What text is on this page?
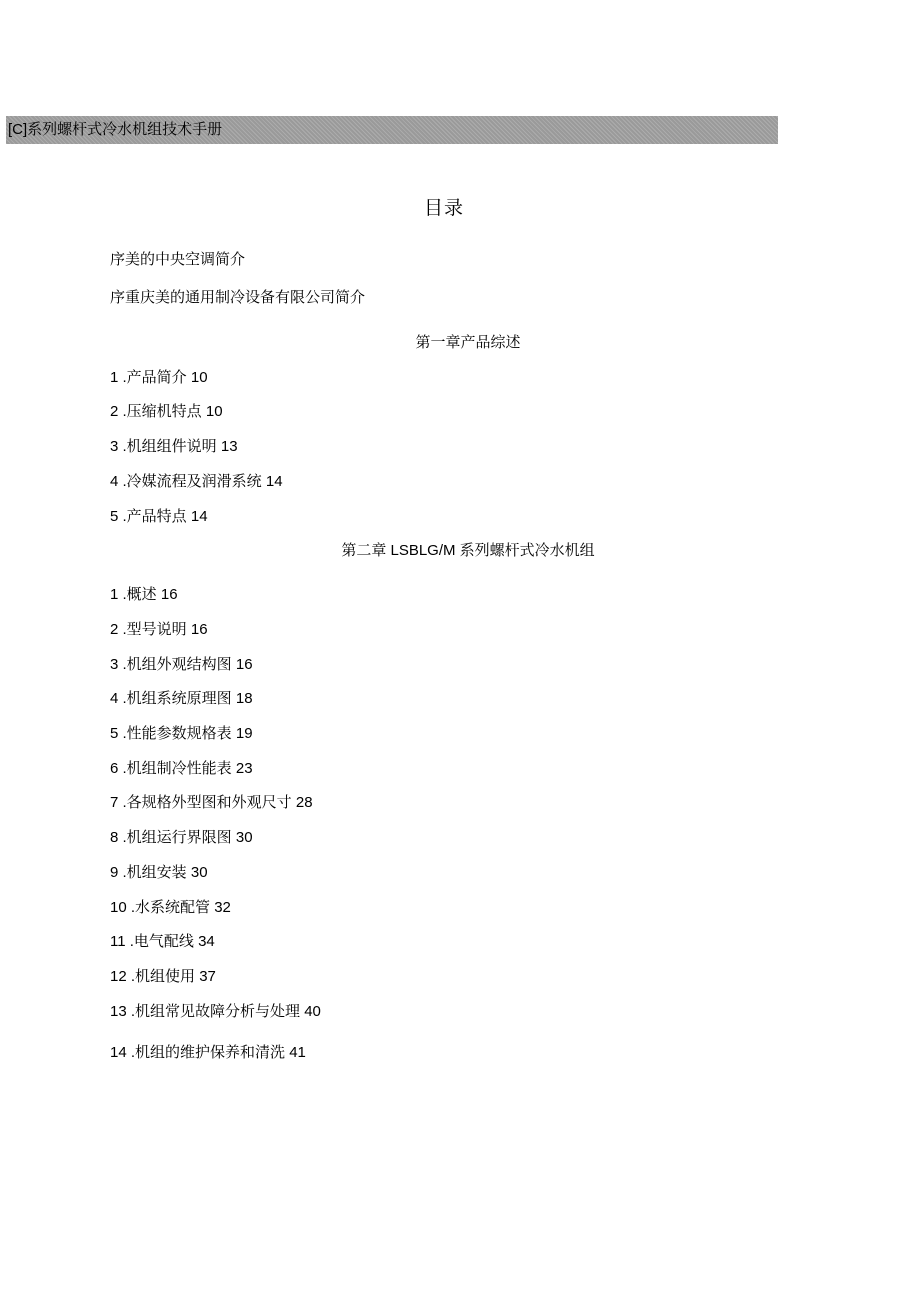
[C]系列螺杆式冷水机组技术手册
目录
序美的中央空调简介
序重庆美的通用制冷设备有限公司简介
第一章产品综述
1 .产品简介 10
2 .压缩机特点 10
3 .机组组件说明 13
4 .冷媒流程及润滑系统 14
5 .产品特点 14
第二章 LSBLG/M 系列螺杆式冷水机组
1 .概述 16
2 .型号说明 16
3 .机组外观结构图 16
4 .机组系统原理图 18
5 .性能参数规格表 19
6 .机组制冷性能表 23
7 .各规格外型图和外观尺寸 28
8 .机组运行界限图 30
9 .机组安装 30
10 .水系统配管 32
11 .电气配线 34
12 .机组使用 37
13 .机组常见故障分析与处理 40
14 .机组的维护保养和清洗 41
